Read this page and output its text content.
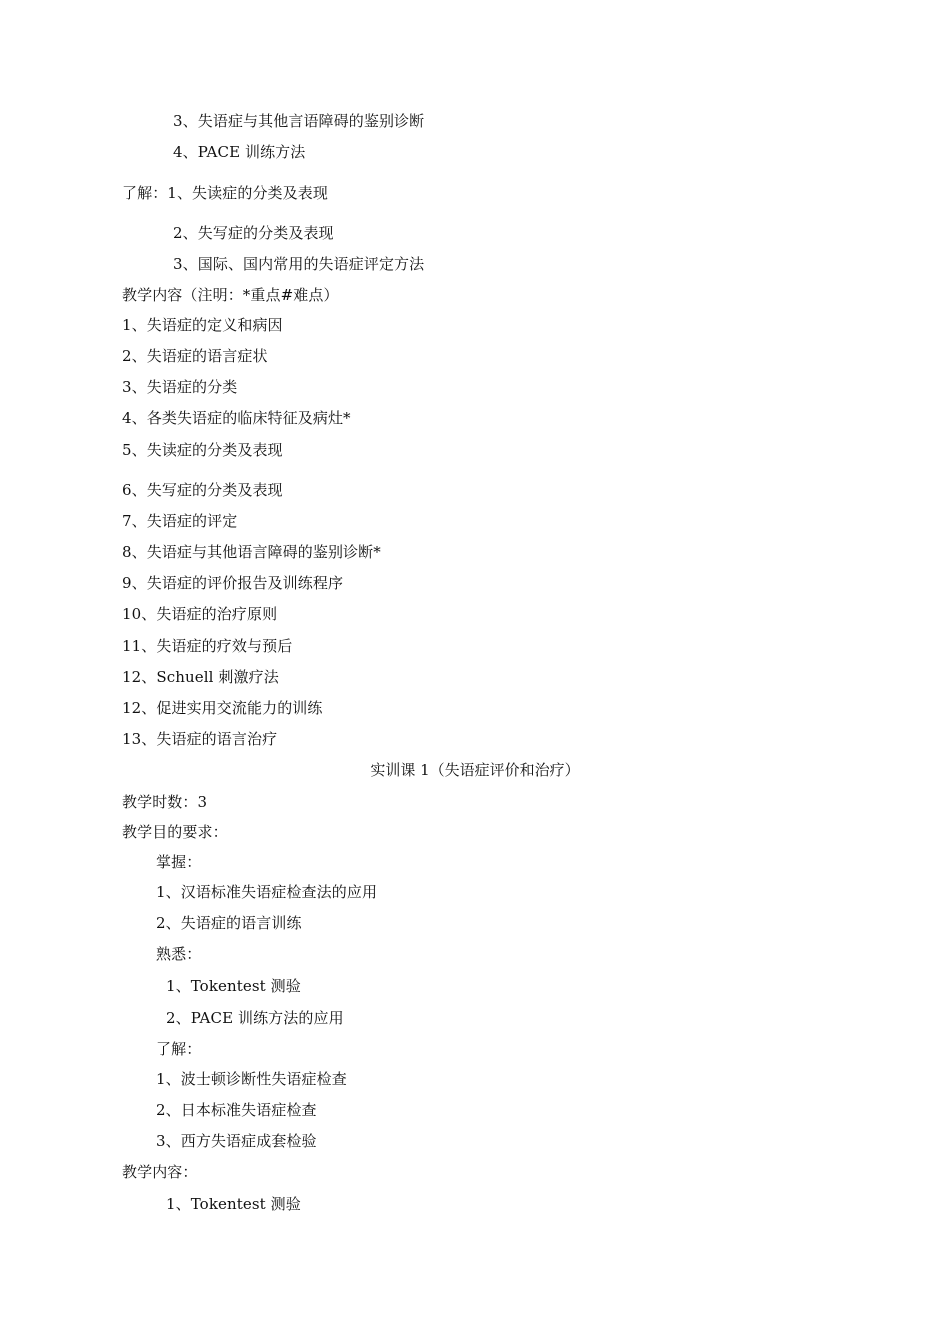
3、失语症与其他言语障碍的鉴别诊断
4、PACE 训练方法
了解：1、失读症的分类及表现
2、失写症的分类及表现
3、国际、国内常用的失语症评定方法
教学内容（注明：*重点#难点）
1、失语症的定义和病因
2、失语症的语言症状
3、失语症的分类
4、各类失语症的临床特征及病灶*
5、失读症的分类及表现
6、失写症的分类及表现
7、失语症的评定
8、失语症与其他语言障碍的鉴别诊断*
9、失语症的评价报告及训练程序
10、失语症的治疗原则
11、失语症的疗效与预后
12、Schuell 刺激疗法
12、促进实用交流能力的训练
13、失语症的语言治疗
实训课 1（失语症评价和治疗）
教学时数：3
教学目的要求：
掌握：
1、汉语标准失语症检查法的应用
2、失语症的语言训练
熟悉：
1、Tokentest 测验
2、PACE 训练方法的应用
了解：
1、波士顿诊断性失语症检查
2、日本标准失语症检查
3、西方失语症成套检验
教学内容：
1、Tokentest 测验
